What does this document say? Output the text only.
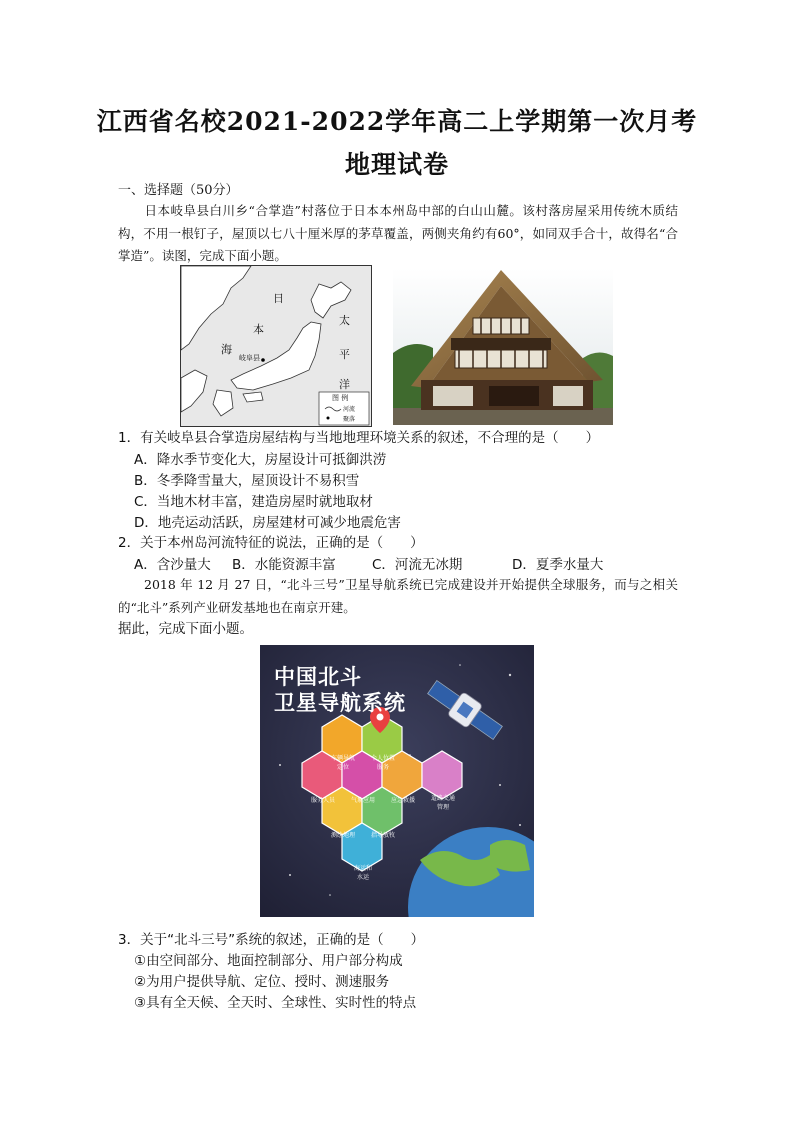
江西省名校2021-2022学年高二上学期第一次月考
地理试卷
一、选择题（50分）
日本岐阜县白川乡“合掌造”村落位于日本本州岛中部的白山山麓。该村落房屋采用传统木质结构，不用一根钉子，屋顶以七八十厘米厚的茅草覆盖，两侧夹角约有60°，如同双手合十，故得名“合掌造”。读图，完成下面小题。
日
本
海
太
平
洋
岐阜县
图 例
河流
聚落
1．有关岐阜县合掌造房屋结构与当地地理环境关系的叙述，不合理的是（　　）
A．降水季节变化大，房屋设计可抵御洪涝
B．冬季降雪量大，屋顶设计不易积雪
C．当地木材丰富，建造房屋时就地取材
D．地壳运动活跃，房屋建材可减少地震危害
2．关于本州岛河流特征的说法，正确的是（　　）
A．含沙量大 B．水能资源丰富	C．河流无冰期	D．夏季水量大
2018 年 12 月 27 日，“北斗三号”卫星导航系统已完成建设并开始提供全球服务，而与之相关的“北斗”系列产业研发基地也在南京开建。
据此，完成下面小题。
中国北斗
卫星导航系统
车辆导航
定位
个人位置
服务
服务人员	气象应用	应急救援	道路交通
管理
测绘地理	指导放牧
海运和
水运
3．关于“北斗三号”系统的叙述，正确的是（　　）
①由空间部分、地面控制部分、用户部分构成
②为用户提供导航、定位、授时、测速服务
③具有全天候、全天时、全球性、实时性的特点
